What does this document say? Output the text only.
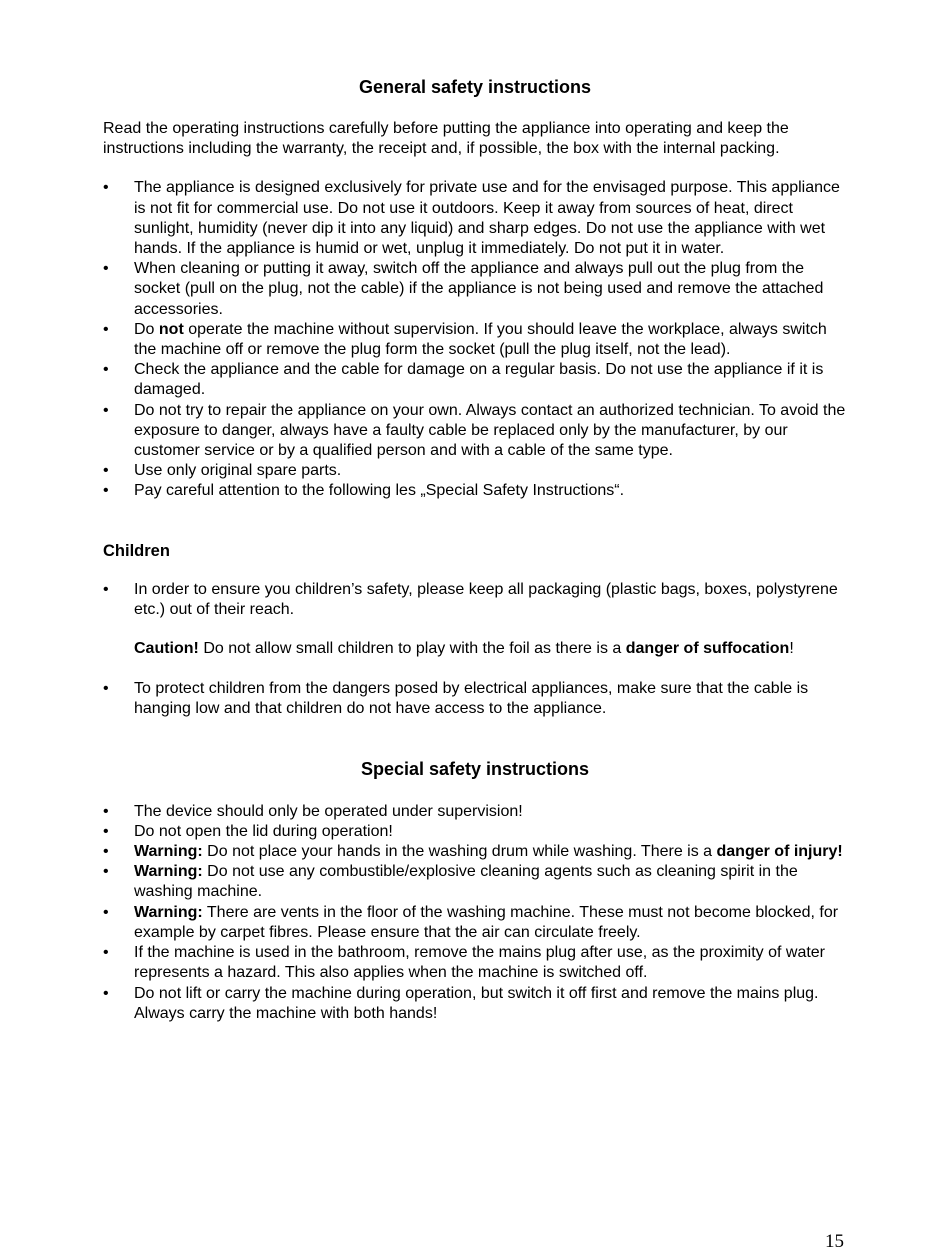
General safety instructions

Read the operating instructions carefully before putting the appliance into operating and keep the instructions including the warranty, the receipt and, if possible, the box with the internal packing.

• The appliance is designed exclusively for private use and for the envisaged purpose. This appliance is not fit for commercial use. Do not use it outdoors. Keep it away from sources of heat, direct sunlight, humidity (never dip it into any liquid) and sharp edges. Do not use the appliance with wet hands. If the appliance is humid or wet, unplug it immediately. Do not put it in water.
• When cleaning or putting it away, switch off the appliance and always pull out the plug from the socket (pull on the plug, not the cable) if the appliance is not being used and remove the attached accessories.
• Do not operate the machine without supervision. If you should leave the workplace, always switch the machine off or remove the plug form the socket (pull the plug itself, not the lead).
• Check the appliance and the cable for damage on a regular basis. Do not use the appliance if it is damaged.
• Do not try to repair the appliance on your own. Always contact an authorized technician. To avoid the exposure to danger, always have a faulty cable be replaced only by the manufacturer, by our customer service or by a qualified person and with a cable of the same type.
• Use only original spare parts.
• Pay careful attention to the following les „Special Safety Instructions“.
Children
• In order to ensure you children’s safety, please keep all packaging (plastic bags, boxes, polystyrene etc.) out of their reach.

Caution! Do not allow small children to play with the foil as there is a danger of suffocation!

• To protect children from the dangers posed by electrical appliances, make sure that the cable is hanging low and that children do not have access to the appliance.
Special safety instructions
• The device should only be operated under supervision!
• Do not open the lid during operation!
• Warning: Do not place your hands in the washing drum while washing. There is a danger of injury!
• Warning: Do not use any combustible/explosive cleaning agents such as cleaning spirit in the washing machine.
• Warning: There are vents in the floor of the washing machine. These must not become blocked, for example by carpet fibres. Please ensure that the air can circulate freely.
• If the machine is used in the bathroom, remove the mains plug after use, as the proximity of water represents a hazard. This also applies when the machine is switched off.
• Do not lift or carry the machine during operation, but switch it off first and remove the mains plug. Always carry the machine with both hands!
15
